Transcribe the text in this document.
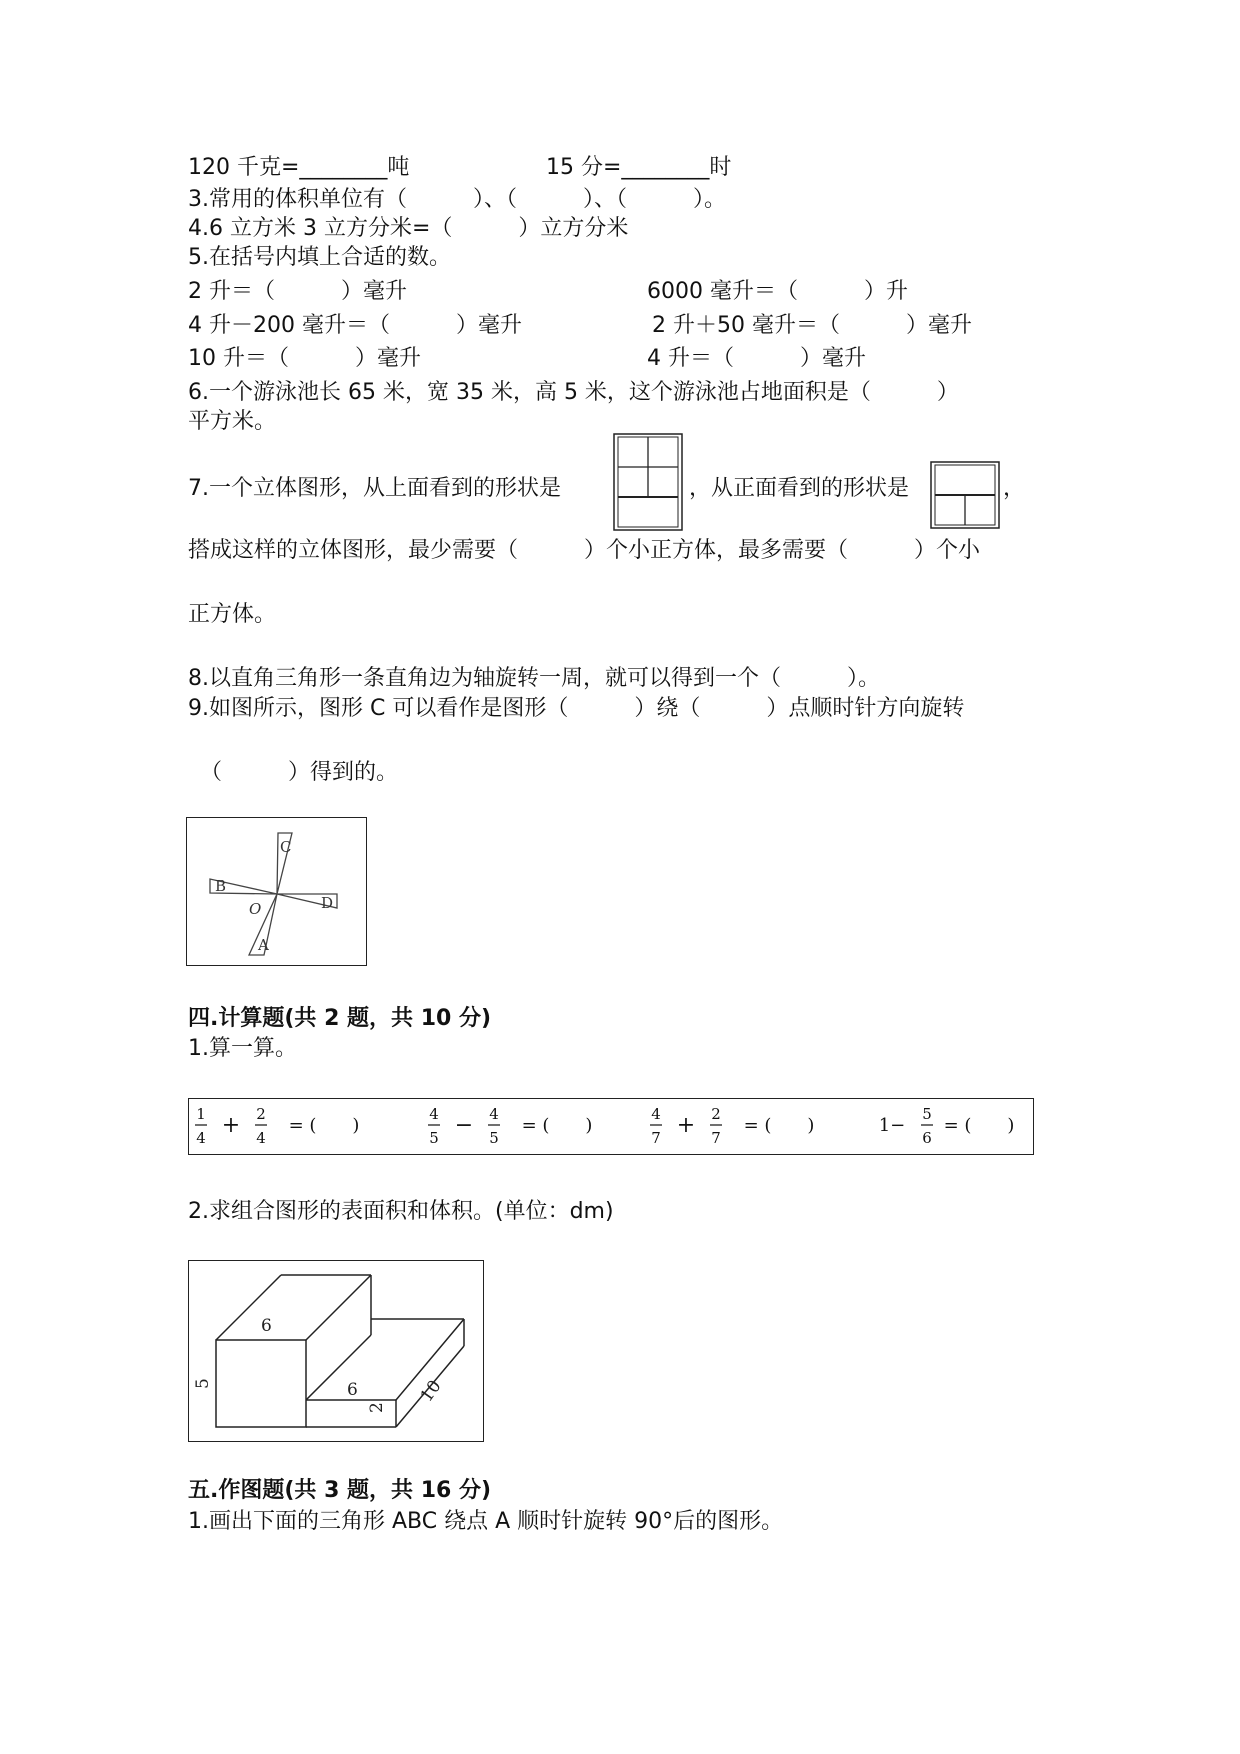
120 千克=________吨	15 分=________时
3.常用的体积单位有（　　　）、（　　　）、（　　　）。
4.6 立方米 3 立方分米=（　　　）立方分米
5.在括号内填上合适的数。
2 升＝（　　　）毫升	6000 毫升＝（　　　）升
4 升－200 毫升＝（　　　）毫升	2 升＋50 毫升＝（　　　）毫升
10 升＝（　　　）毫升	4 升＝（　　　）毫升
6.一个游泳池长 65 米，宽 35 米，高 5 米，这个游泳池占地面积是（　　　）
平方米。
7.一个立体图形，从上面看到的形状是	，从正面看到的形状是	，
搭成这样的立体图形，最少需要（　　　）个小正方体，最多需要（　　　）个小
正方体。
8.以直角三角形一条直角边为轴旋转一周，就可以得到一个（　　　）。
9.如图所示，图形 C 可以看作是图形（　　　）绕（　　　）点顺时针方向旋转
（　　　）得到的。
C
B
D
A
O
四.计算题(共 2 题，共 10 分)
1.算一算。
1
4 + 2
4
= (　　)
4
5 − 4
5
= (　　)
4
7 + 2
7
= (　　)	1−
5
6
= (　　)
2.求组合图形的表面积和体积。(单位：dm)
6
5	6
2
10
五.作图题(共 3 题，共 16 分)
1.画出下面的三角形 ABC 绕点 A 顺时针旋转 90°后的图形。
